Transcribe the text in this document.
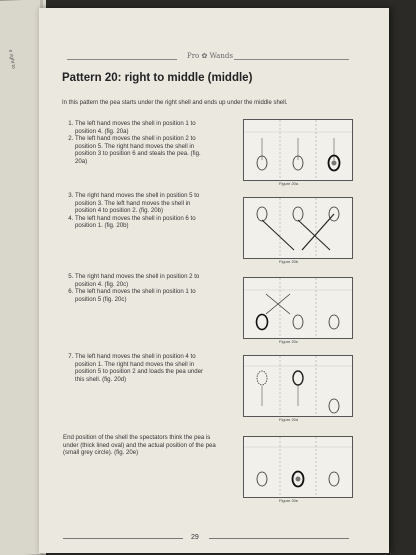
e right to	Pro ✿ Wands
Pattern 20: right to middle (middle)
In this pattern the pea starts under the right shell and ends up under the middle shell.
1. The left hand moves the shell in position 1 to position 4. (fig. 20a)
2. The left hand moves the shell in position 2 to position 5. The right hand moves the shell in position 3 to position 6 and steals the pea. (fig. 20a)
3. The right hand moves the shell in position 5 to position 3. The left hand moves the shell in position 4 to position 2. (fig. 20b)
4. The left hand moves the shell in position 6 to position 1. (fig. 20b)
5. The right hand moves the shell in position 2 to position 4. (fig. 20c)
6. The left hand moves the shell in position 1 to position 5 (fig. 20c)
7. The left hand moves the shell in position 4 to position 1. The right hand moves the shell in position 5 to position 2 and loads the pea under this shell. (fig. 20d)

End position of the shell the spectators think the pea is under (thick lined oval) and the actual position of the pea (small grey circle). (fig. 20e)

Figure 20a
Figure 20b
Figure 20c
Figure 20d
Figure 20e
29
